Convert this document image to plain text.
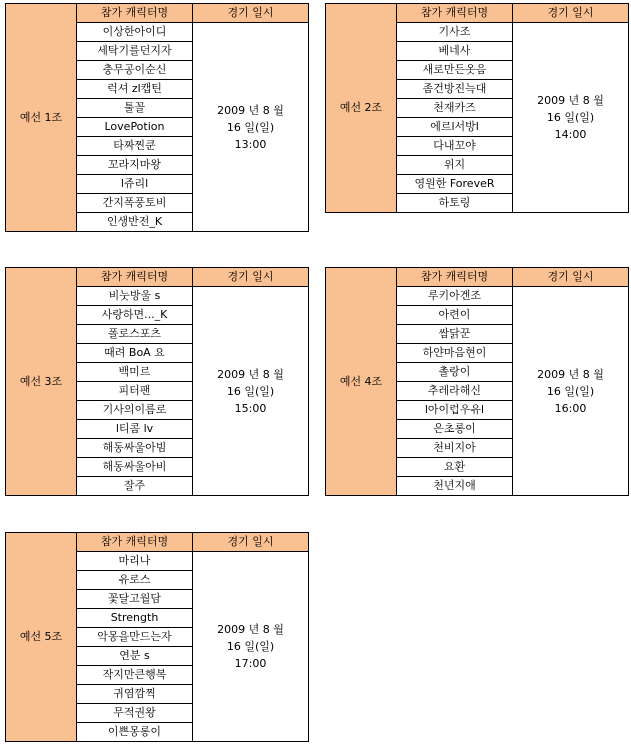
예선 1조	참가 캐릭터명	경기 일시
	이상한아이디	2009 년 8 월
16 일(일)
13:00

	세탁기를던지자	
	충무공이순신	
	럭셔 zl캡틴	
	툴꼴	
	LovePotion	
	타짜찐쿤	
	꼬라지마왕	
	l쥬리l	
	간지폭풍토비	
	인생반전_K	
예선 2조	참가 캐릭터명	경기 일시
	기사조	2009 년 8 월
16 일(일)
14:00

	베네사	
	새로만든옷음	
	좀건방진늑대	
	천재카즈	
	에르l서방l	
	다내꼬야	
	위지	
	영원한 ForeveR	
	하토링	
예선 3조	참가 캐릭터명	경기 일시
	비눗방울 s	2009 년 8 월
16 일(일)
15:00

	사랑하면..._K	
	폴로스포츠	
	때려 BoA 요	
	백미르	
	피터팬	
	기사의이름로	
	l티콤 lv	
	해동싸울아빔	
	해동싸울아비	
	잘주	
예선 4조	참가 캐릭터명	경기 일시
	루키아겐조	2009 년 8 월
16 일(일)
16:00

	아련이	
	쌈닭꾼	
	하얀마음현이	
	촐랑이	
	추레라해신	
	l아이럽우유l	
	은초롱이	
	천비지아	
	요환	
	천년지애	
예선 5조	참가 캐릭터명	경기 일시
	마리나	2009 년 8 월
16 일(일)
17:00

	유로스	
	꽃달고월담	
	Strength	
	악몽을만드는자	
	연분 s	
	작지만큰행복	
	귀염깜찍	
	무적권왕	
	이쁜몽롱이	
